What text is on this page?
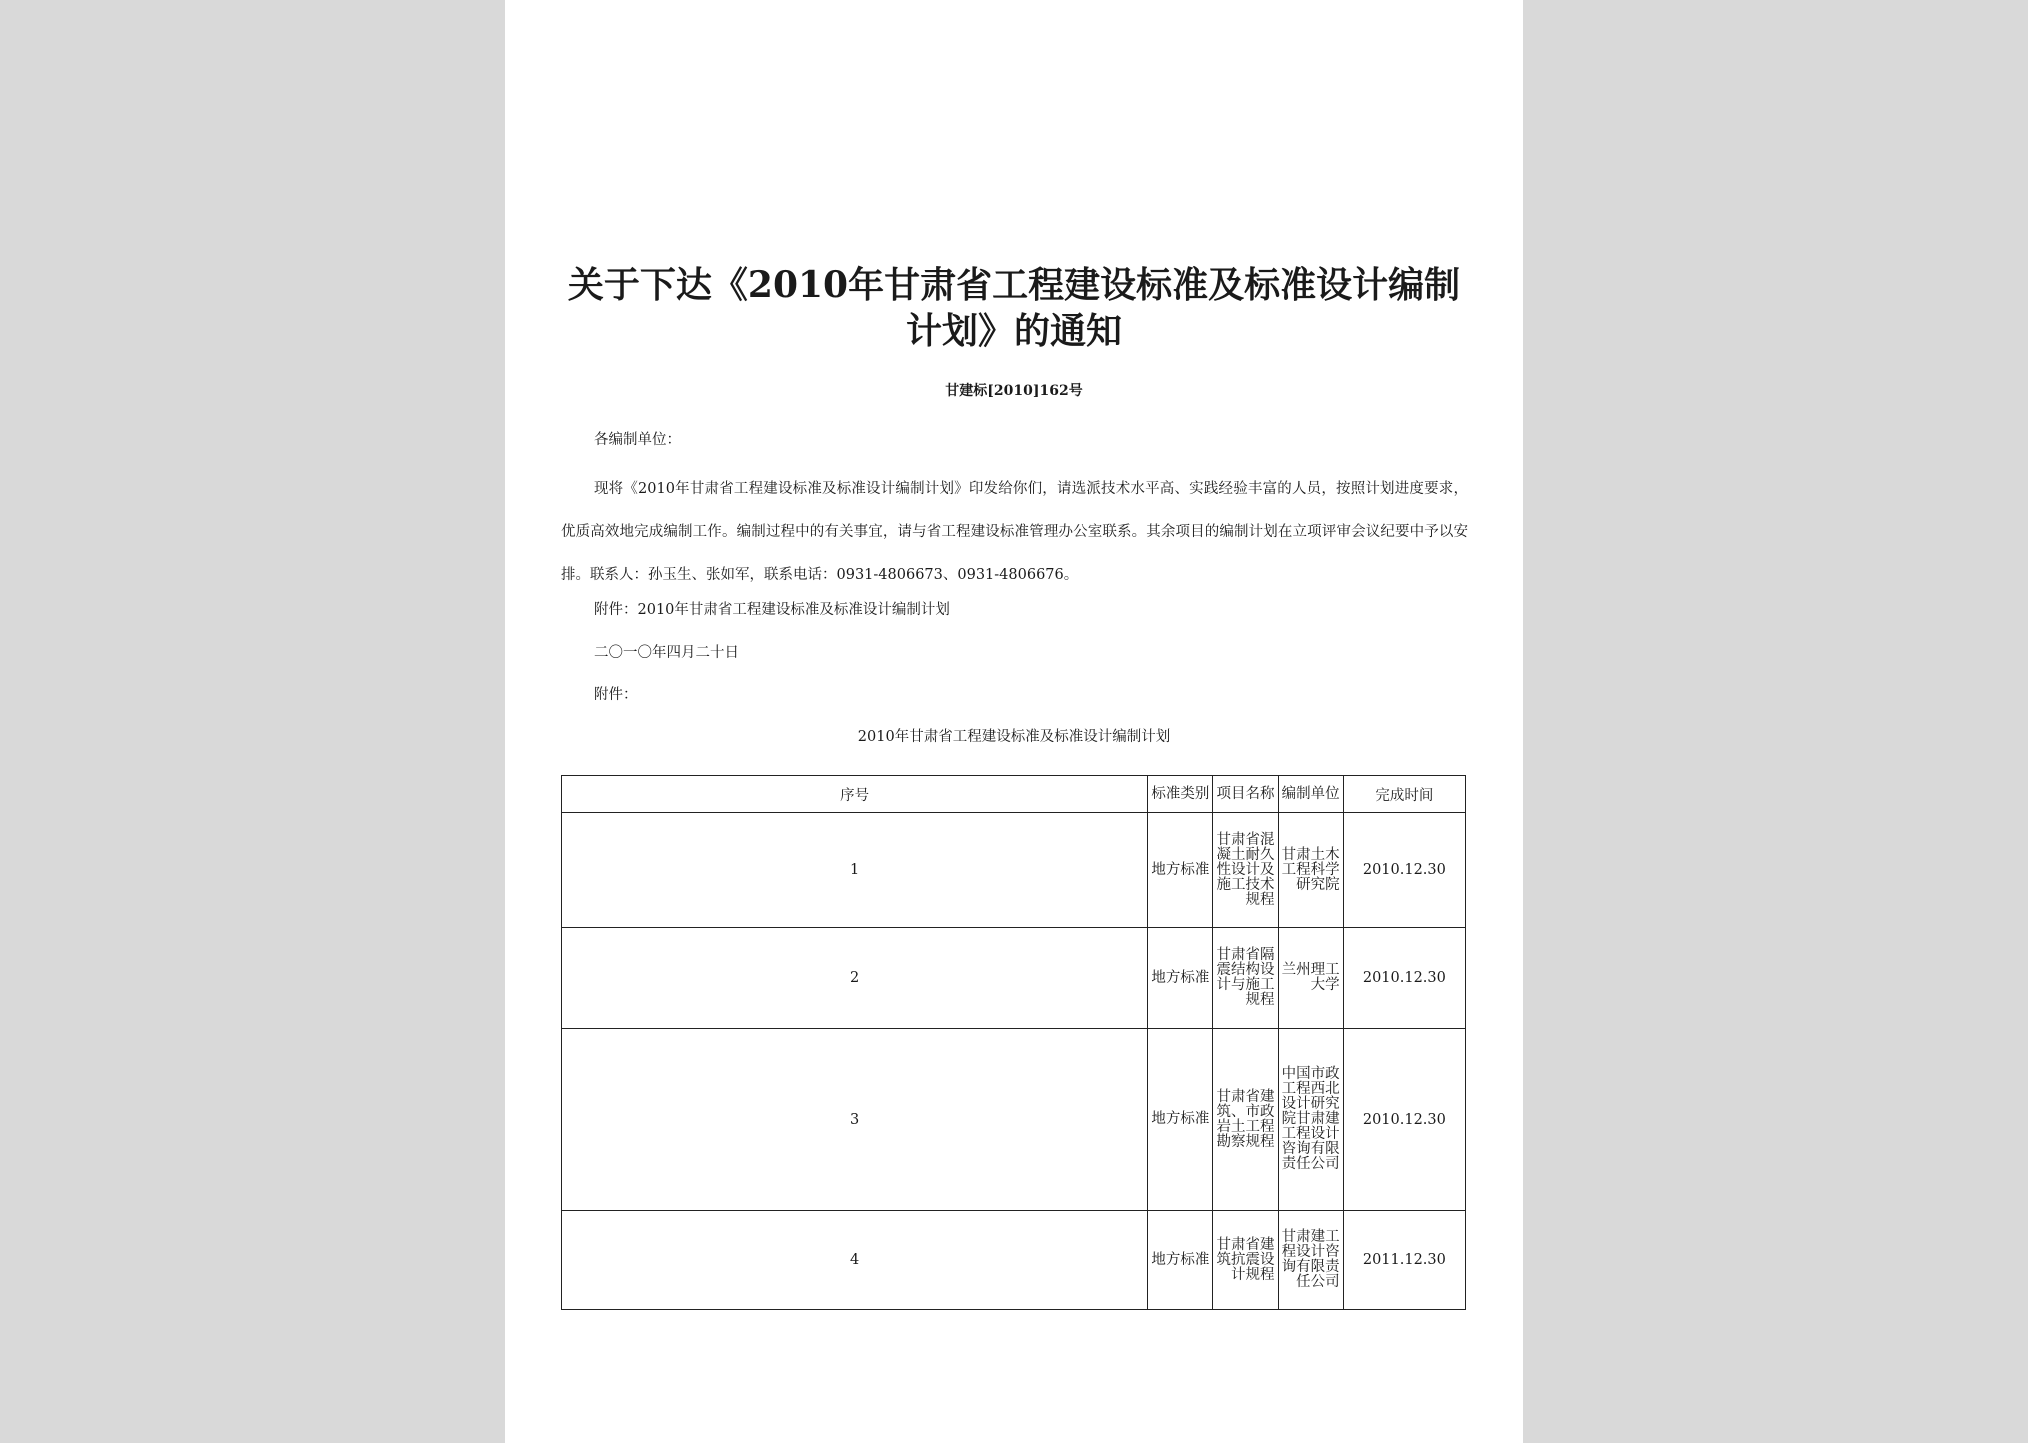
关于下达《2010年甘肃省工程建设标准及标准设计编制
计划》的通知
甘建标[2010]162号
各编制单位：
现将《2010年甘肃省工程建设标准及标准设计编制计划》印发给你们，请选派技术水平高、实践经验丰富的人员，按照计划进度要求，优质高效地完成编制工作。编制过程中的有关事宜，请与省工程建设标准管理办公室联系。其余项目的编制计划在立项评审会议纪要中予以安排。联系人：孙玉生、张如军，联系电话：0931-4806673、0931-4806676。
附件：2010年甘肃省工程建设标准及标准设计编制计划
二〇一〇年四月二十日
附件：
2010年甘肃省工程建设标准及标准设计编制计划
序号	标准类别	项目名称	编制单位	完成时间
1	地方标准	甘肃省混凝土耐久性设计及施工技术规程	甘肃土木工程科学研究院	2010.12.30
2	地方标准	甘肃省隔震结构设计与施工规程	兰州理工大学	2010.12.30
3	地方标准	甘肃省建筑、市政岩土工程勘察规程	中国市政工程西北设计研究院甘肃建工程设计咨询有限责任公司	2010.12.30
4	地方标准	甘肃省建筑抗震设计规程	甘肃建工程设计咨询有限责任公司	2011.12.30
